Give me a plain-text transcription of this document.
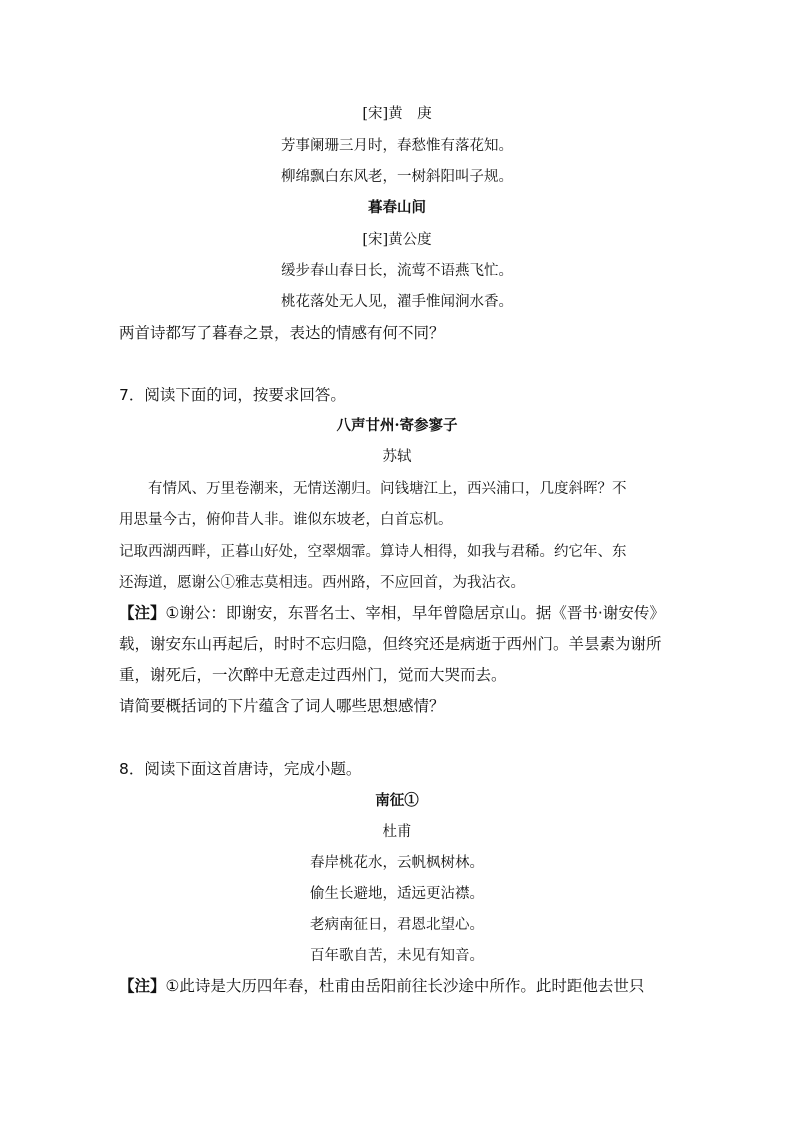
[宋]黄　庚
芳事阑珊三月时，春愁惟有落花知。
柳绵飘白东风老，一树斜阳叫子规。
暮春山间
[宋]黄公度
缓步春山春日长，流莺不语燕飞忙。
桃花落处无人见，濯手惟闻涧水香。
两首诗都写了暮春之景，表达的情感有何不同？
7．阅读下面的词，按要求回答。
八声甘州·寄参寥子
苏轼
有情风、万里卷潮来，无情送潮归。问钱塘江上，西兴浦口，几度斜晖？不
用思量今古，俯仰昔人非。谁似东坡老，白首忘机。
记取西湖西畔，正暮山好处，空翠烟霏。算诗人相得，如我与君稀。约它年、东
还海道，愿谢公①雅志莫相违。西州路，不应回首，为我沾衣。
【注】①谢公：即谢安，东晋名士、宰相，早年曾隐居京山。据《晋书·谢安传》
载，谢安东山再起后，时时不忘归隐，但终究还是病逝于西州门。羊昙素为谢所
重，谢死后，一次醉中无意走过西州门，觉而大哭而去。
请简要概括词的下片蕴含了词人哪些思想感情？
8．阅读下面这首唐诗，完成小题。
南征①
杜甫
春岸桃花水，云帆枫树林。
偷生长避地，适远更沾襟。
老病南征日，君恩北望心。
百年歌自苦，未见有知音。
【注】①此诗是大历四年春，杜甫由岳阳前往长沙途中所作。此时距他去世只
